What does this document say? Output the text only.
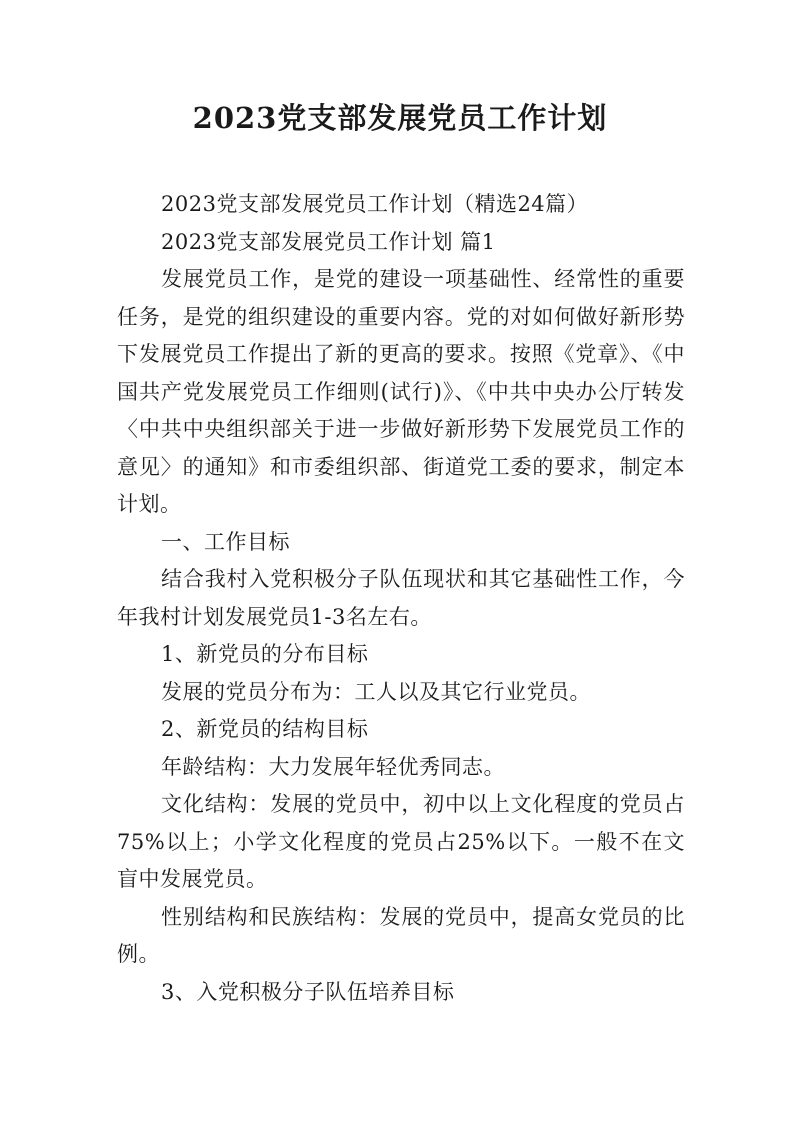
2023党支部发展党员工作计划

2023党支部发展党员工作计划（精选24篇）

2023党支部发展党员工作计划 篇1

发展党员工作，是党的建设一项基础性、经常性的重要任务，是党的组织建设的重要内容。党的对如何做好新形势下发展党员工作提出了新的更高的要求。按照《党章》、《中国共产党发展党员工作细则(试行)》、《中共中央办公厅转发〈中共中央组织部关于进一步做好新形势下发展党员工作的意见〉的通知》和市委组织部、街道党工委的要求，制定本计划。

一、工作目标

结合我村入党积极分子队伍现状和其它基础性工作，今年我村计划发展党员1-3名左右。

1、新党员的分布目标

发展的党员分布为：工人以及其它行业党员。

2、新党员的结构目标

年龄结构：大力发展年轻优秀同志。

文化结构：发展的党员中，初中以上文化程度的党员占75%以上；小学文化程度的党员占25%以下。一般不在文盲中发展党员。

性别结构和民族结构：发展的党员中，提高女党员的比例。

3、入党积极分子队伍培养目标
